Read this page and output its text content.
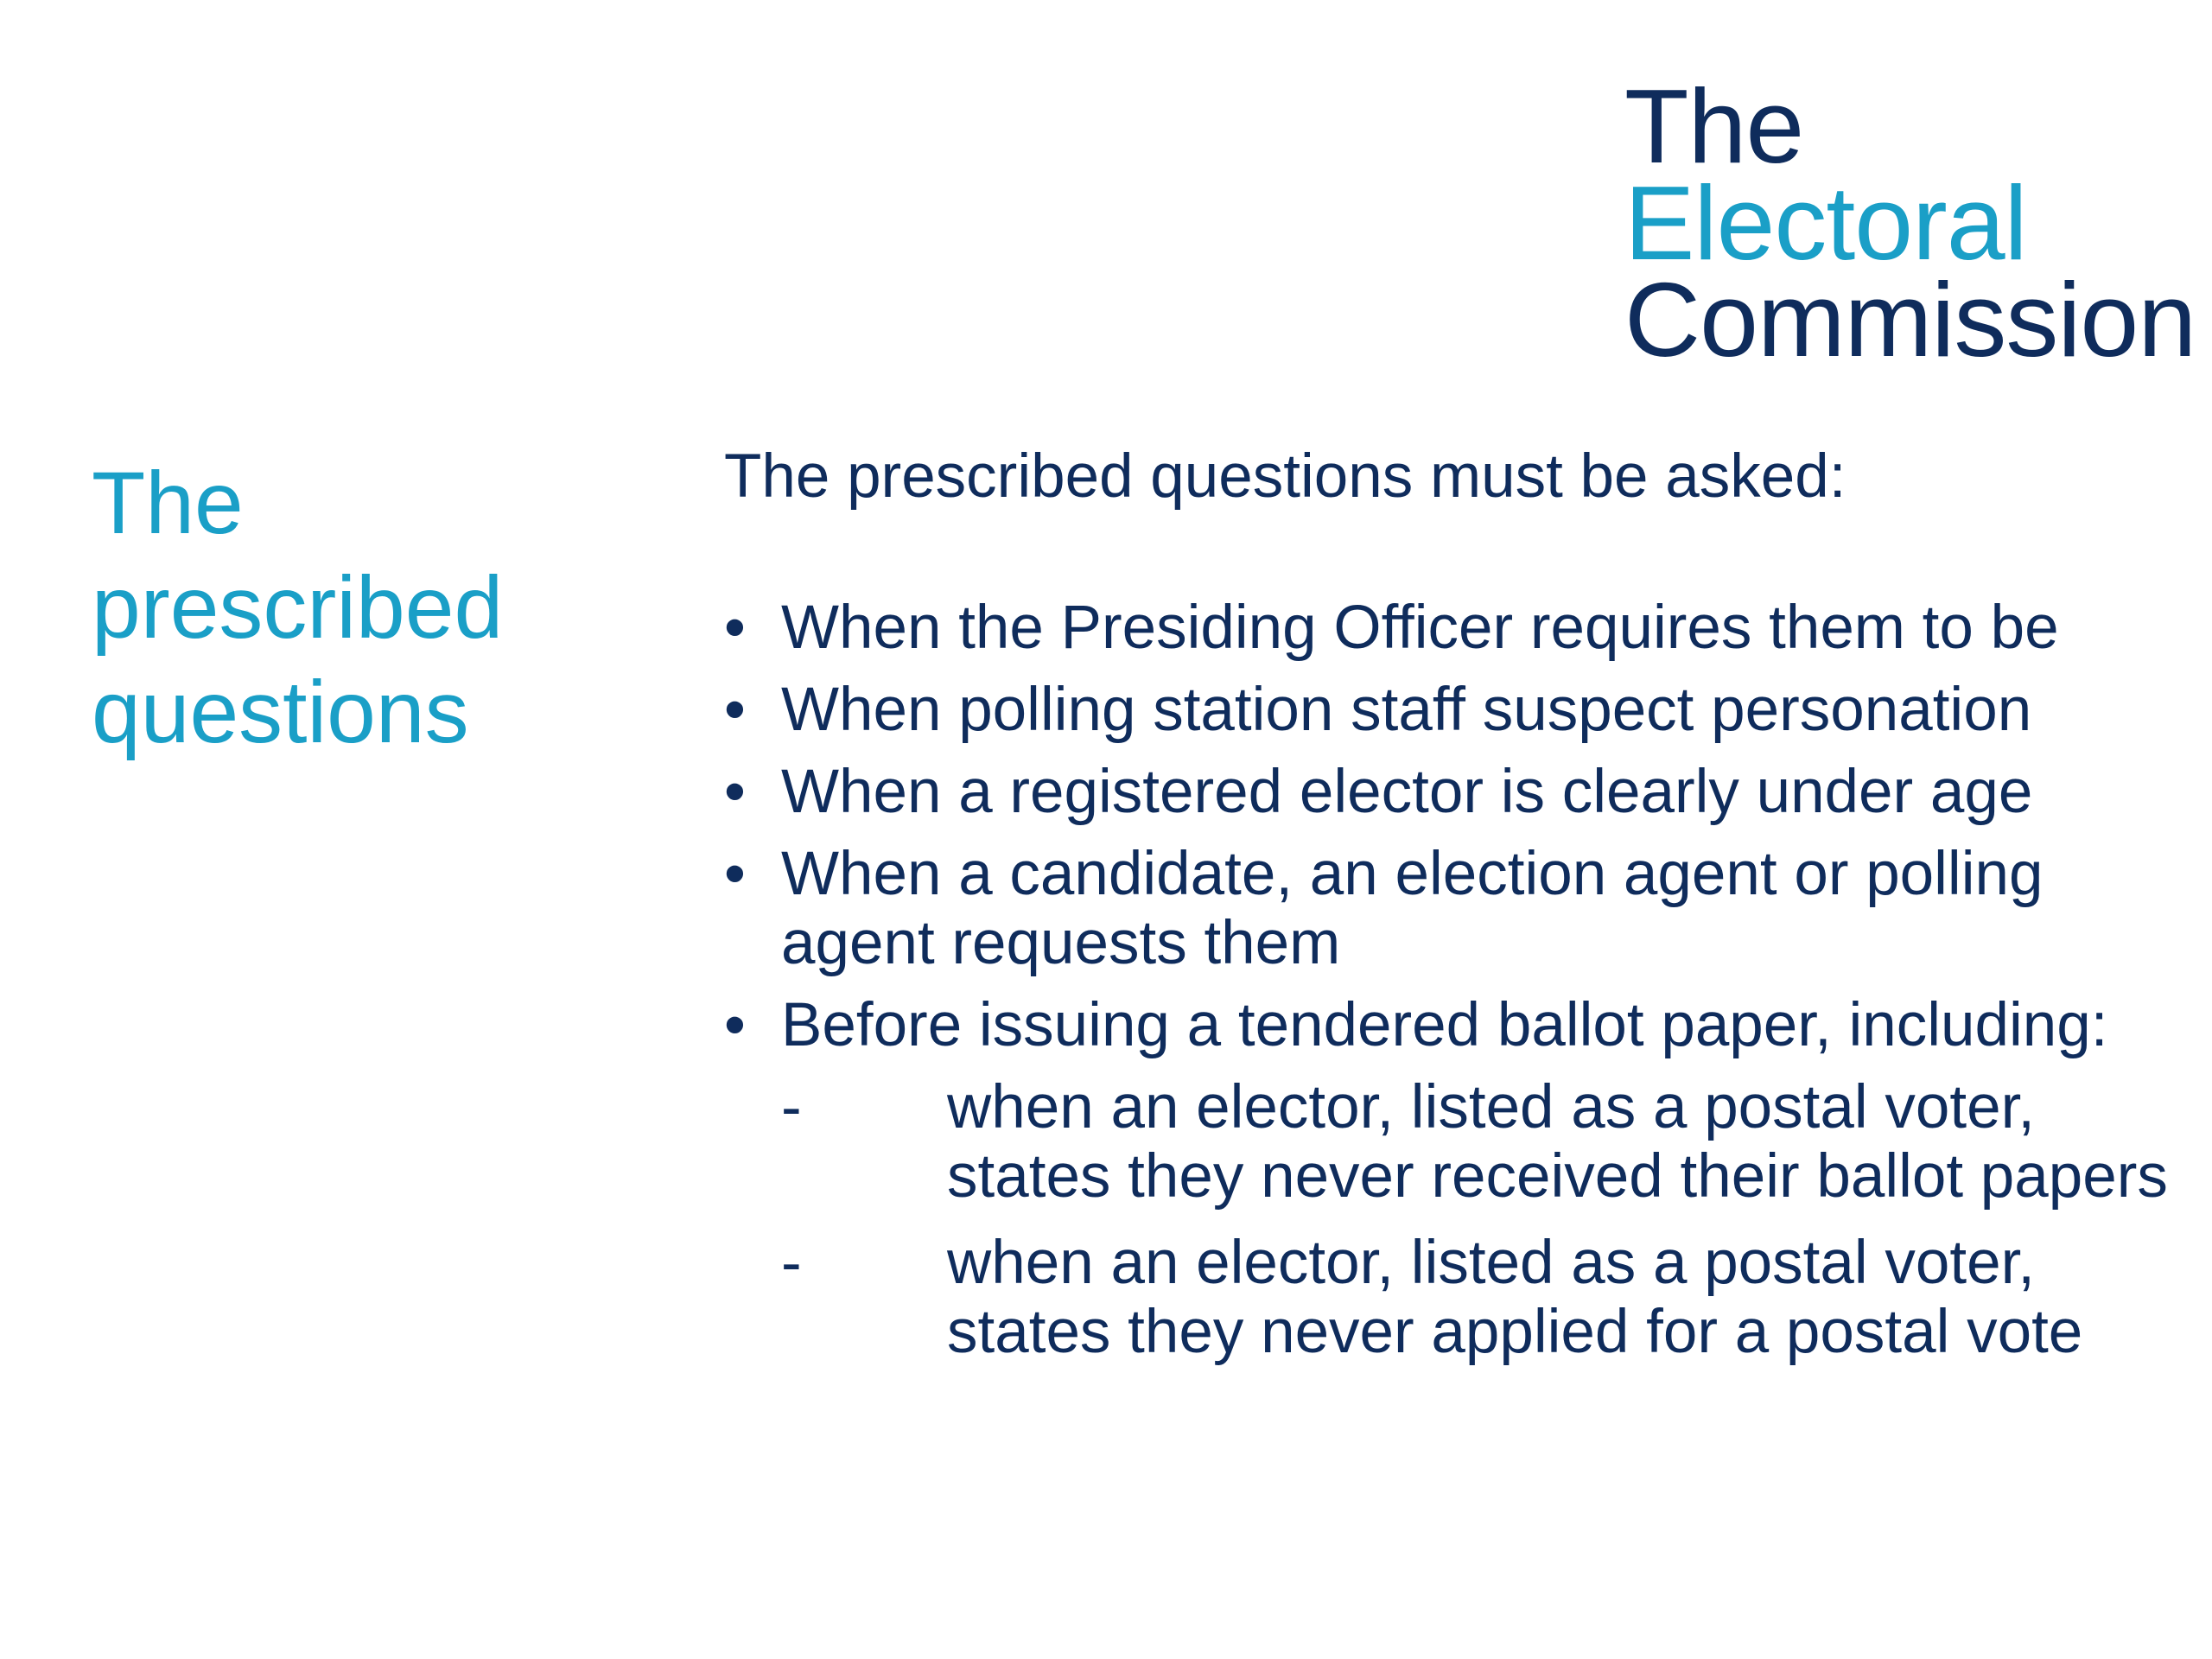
The
Electoral
Commission
The
prescribed
questions

The prescribed questions must be asked:

• When the Presiding Officer requires them to be
• When polling station staff suspect personation
• When a registered elector is clearly under age
• When a candidate, an election agent or polling agent requests them
• Before issuing a tendered ballot paper, including:
- when an elector, listed as a postal voter, states they never received their ballot papers
- when an elector, listed as a postal voter, states they never applied for a postal vote
